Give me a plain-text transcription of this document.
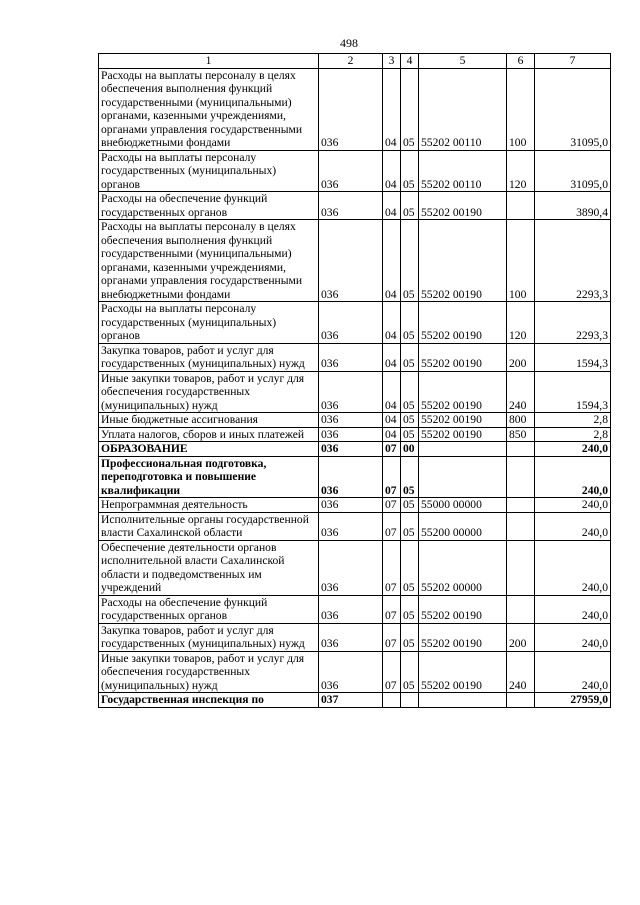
498
1	2	3	4	5	6	7
Расходы на выплаты персоналу в целях обеспечения выполнения функций государственными (муниципальными) органами, казенными учреждениями, органами управления государственными внебюджетными фондами	036	04	05	55202 00110	100	31095,0
Расходы на выплаты персоналу государственных (муниципальных) органов	036	04	05	55202 00110	120	31095,0
Расходы на обеспечение функций государственных органов	036	04	05	55202 00190		3890,4
Расходы на выплаты персоналу в целях обеспечения выполнения функций государственными (муниципальными) органами, казенными учреждениями, органами управления государственными внебюджетными фондами	036	04	05	55202 00190	100	2293,3
Расходы на выплаты персоналу государственных (муниципальных) органов	036	04	05	55202 00190	120	2293,3
Закупка товаров, работ и услуг для государственных (муниципальных) нужд	036	04	05	55202 00190	200	1594,3
Иные закупки товаров, работ и услуг для обеспечения государственных (муниципальных) нужд	036	04	05	55202 00190	240	1594,3
Иные бюджетные ассигнования	036	04	05	55202 00190	800	2,8
Уплата налогов, сборов и иных платежей	036	04	05	55202 00190	850	2,8
ОБРАЗОВАНИЕ	036	07	00			240,0
Профессиональная подготовка, переподготовка и повышение квалификации	036	07	05			240,0
Непрограммная деятельность	036	07	05	55000 00000		240,0
Исполнительные органы государственной власти Сахалинской области	036	07	05	55200 00000		240,0
Обеспечение деятельности органов исполнительной власти Сахалинской области и подведомственных им учреждений	036	07	05	55202 00000		240,0
Расходы на обеспечение функций государственных органов	036	07	05	55202 00190		240,0
Закупка товаров, работ и услуг для государственных (муниципальных) нужд	036	07	05	55202 00190	200	240,0
Иные закупки товаров, работ и услуг для обеспечения государственных (муниципальных) нужд	036	07	05	55202 00190	240	240,0
Государственная инспекция по	037					27959,0
